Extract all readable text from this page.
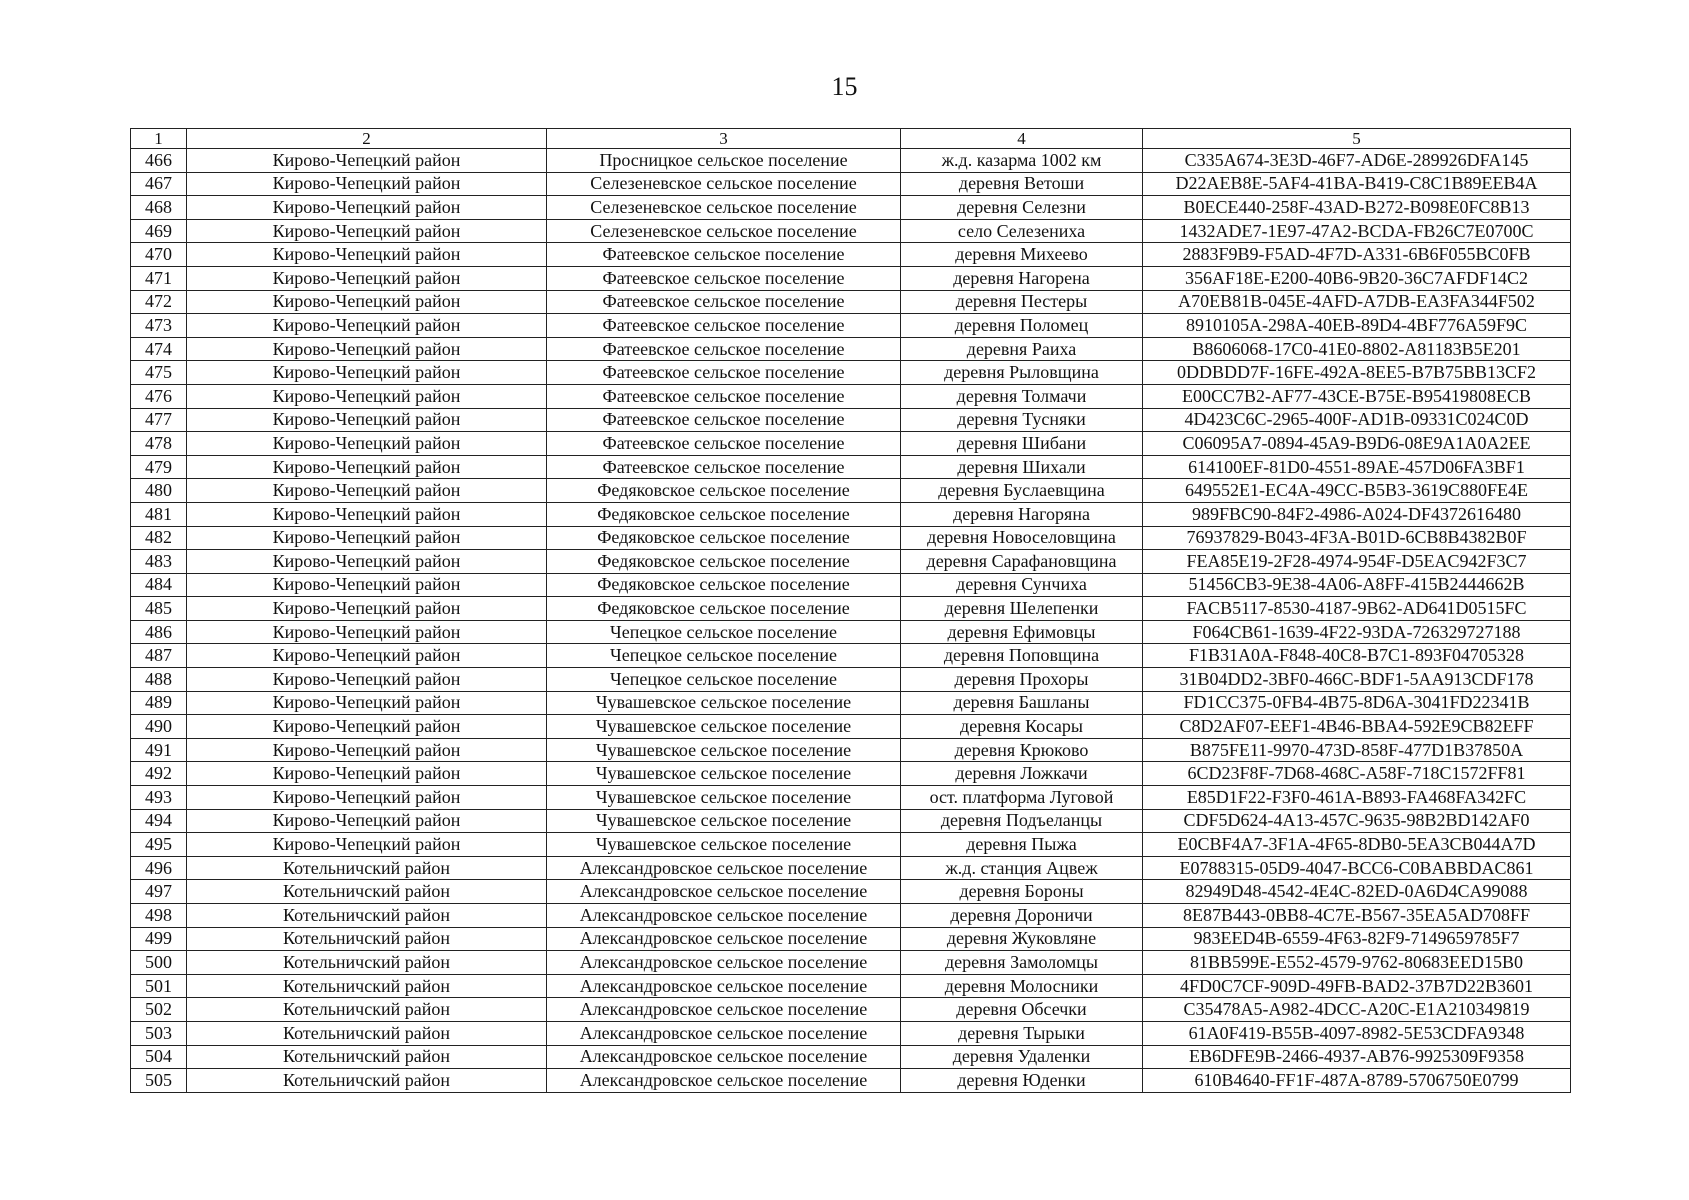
15
1	2	3	4	5
466	Кирово-Чепецкий район	Просницкое сельское поселение	ж.д. казарма 1002 км	C335A674-3E3D-46F7-AD6E-289926DFA145
467	Кирово-Чепецкий район	Селезеневское сельское поселение	деревня Ветоши	D22AEB8E-5AF4-41BA-B419-C8C1B89EEB4A
468	Кирово-Чепецкий район	Селезеневское сельское поселение	деревня Селезни	B0ECE440-258F-43AD-B272-B098E0FC8B13
469	Кирово-Чепецкий район	Селезеневское сельское поселение	село Селезениха	1432ADE7-1E97-47A2-BCDA-FB26C7E0700C
470	Кирово-Чепецкий район	Фатеевское сельское поселение	деревня Михеево	2883F9B9-F5AD-4F7D-A331-6B6F055BC0FB
471	Кирово-Чепецкий район	Фатеевское сельское поселение	деревня Нагорена	356AF18E-E200-40B6-9B20-36C7AFDF14C2
472	Кирово-Чепецкий район	Фатеевское сельское поселение	деревня Пестеры	A70EB81B-045E-4AFD-A7DB-EA3FA344F502
473	Кирово-Чепецкий район	Фатеевское сельское поселение	деревня Поломец	8910105A-298A-40EB-89D4-4BF776A59F9C
474	Кирово-Чепецкий район	Фатеевское сельское поселение	деревня Раиха	B8606068-17C0-41E0-8802-A81183B5E201
475	Кирово-Чепецкий район	Фатеевское сельское поселение	деревня Рыловщина	0DDBDD7F-16FE-492A-8EE5-B7B75BB13CF2
476	Кирово-Чепецкий район	Фатеевское сельское поселение	деревня Толмачи	E00CC7B2-AF77-43CE-B75E-B95419808ECB
477	Кирово-Чепецкий район	Фатеевское сельское поселение	деревня Тусняки	4D423C6C-2965-400F-AD1B-09331C024C0D
478	Кирово-Чепецкий район	Фатеевское сельское поселение	деревня Шибани	C06095A7-0894-45A9-B9D6-08E9A1A0A2EE
479	Кирово-Чепецкий район	Фатеевское сельское поселение	деревня Шихали	614100EF-81D0-4551-89AE-457D06FA3BF1
480	Кирово-Чепецкий район	Федяковское сельское поселение	деревня Буслаевщина	649552E1-EC4A-49CC-B5B3-3619C880FE4E
481	Кирово-Чепецкий район	Федяковское сельское поселение	деревня Нагоряна	989FBC90-84F2-4986-A024-DF4372616480
482	Кирово-Чепецкий район	Федяковское сельское поселение	деревня Новоселовщина	76937829-B043-4F3A-B01D-6CB8B4382B0F
483	Кирово-Чепецкий район	Федяковское сельское поселение	деревня Сарафановщина	FEA85E19-2F28-4974-954F-D5EAC942F3C7
484	Кирово-Чепецкий район	Федяковское сельское поселение	деревня Сунчиха	51456CB3-9E38-4A06-A8FF-415B2444662B
485	Кирово-Чепецкий район	Федяковское сельское поселение	деревня Шелепенки	FACB5117-8530-4187-9B62-AD641D0515FC
486	Кирово-Чепецкий район	Чепецкое сельское поселение	деревня Ефимовцы	F064CB61-1639-4F22-93DA-726329727188
487	Кирово-Чепецкий район	Чепецкое сельское поселение	деревня Поповщина	F1B31A0A-F848-40C8-B7C1-893F04705328
488	Кирово-Чепецкий район	Чепецкое сельское поселение	деревня Прохоры	31B04DD2-3BF0-466C-BDF1-5AA913CDF178
489	Кирово-Чепецкий район	Чувашевское сельское поселение	деревня Башланы	FD1CC375-0FB4-4B75-8D6A-3041FD22341B
490	Кирово-Чепецкий район	Чувашевское сельское поселение	деревня Косары	C8D2AF07-EEF1-4B46-BBA4-592E9CB82EFF
491	Кирово-Чепецкий район	Чувашевское сельское поселение	деревня Крюково	B875FE11-9970-473D-858F-477D1B37850A
492	Кирово-Чепецкий район	Чувашевское сельское поселение	деревня Ложкачи	6CD23F8F-7D68-468C-A58F-718C1572FF81
493	Кирово-Чепецкий район	Чувашевское сельское поселение	ост. платформа Луговой	E85D1F22-F3F0-461A-B893-FA468FA342FC
494	Кирово-Чепецкий район	Чувашевское сельское поселение	деревня Подъеланцы	CDF5D624-4A13-457C-9635-98B2BD142AF0
495	Кирово-Чепецкий район	Чувашевское сельское поселение	деревня Пыжа	E0CBF4A7-3F1A-4F65-8DB0-5EA3CB044A7D
496	Котельничский район	Александровское сельское поселение	ж.д. станция Ацвеж	E0788315-05D9-4047-BCC6-C0BABBDAC861
497	Котельничский район	Александровское сельское поселение	деревня Бороны	82949D48-4542-4E4C-82ED-0A6D4CA99088
498	Котельничский район	Александровское сельское поселение	деревня Дороничи	8E87B443-0BB8-4C7E-B567-35EA5AD708FF
499	Котельничский район	Александровское сельское поселение	деревня Жуковляне	983EED4B-6559-4F63-82F9-7149659785F7
500	Котельничский район	Александровское сельское поселение	деревня Замоломцы	81BB599E-E552-4579-9762-80683EED15B0
501	Котельничский район	Александровское сельское поселение	деревня Молосники	4FD0C7CF-909D-49FB-BAD2-37B7D22B3601
502	Котельничский район	Александровское сельское поселение	деревня Обсечки	C35478A5-A982-4DCC-A20C-E1A210349819
503	Котельничский район	Александровское сельское поселение	деревня Тырыки	61A0F419-B55B-4097-8982-5E53CDFA9348
504	Котельничский район	Александровское сельское поселение	деревня Удаленки	EB6DFE9B-2466-4937-AB76-9925309F9358
505	Котельничский район	Александровское сельское поселение	деревня Юденки	610B4640-FF1F-487A-8789-5706750E0799
